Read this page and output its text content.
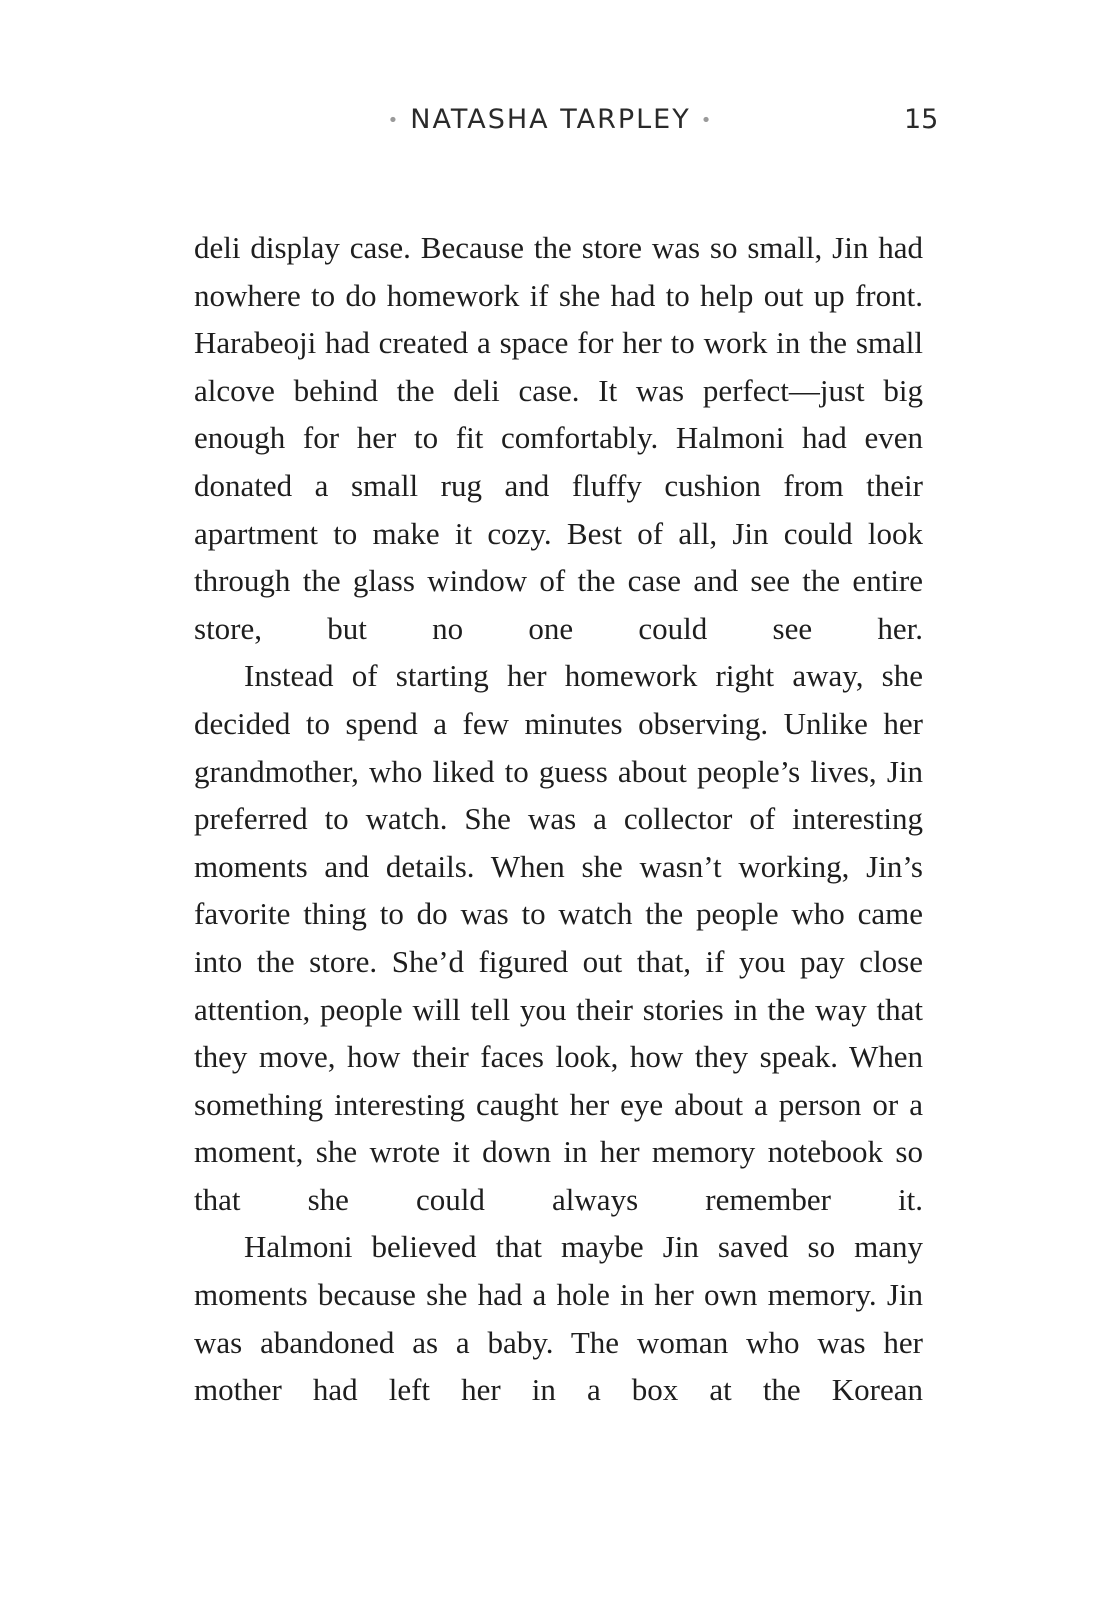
• NATASHA TARPLEY •	15

deli display case. Because the store was so small, Jin had nowhere to do homework if she had to help out up front. Harabeoji had created a space for her to work in the small alcove behind the deli case. It was perfect—just big enough for her to fit comfortably. Halmoni had even donated a small rug and fluffy cushion from their apartment to make it cozy. Best of all, Jin could look through the glass window of the case and see the entire store, but no one could see her.

Instead of starting her homework right away, she decided to spend a few minutes observing. Unlike her grandmother, who liked to guess about people’s lives, Jin preferred to watch. She was a collector of interesting moments and details. When she wasn’t working, Jin’s favorite thing to do was to watch the people who came into the store. She’d figured out that, if you pay close attention, people will tell you their stories in the way that they move, how their faces look, how they speak. When something interesting caught her eye about a person or a moment, she wrote it down in her memory notebook so that she could always remember it.

Halmoni believed that maybe Jin saved so many moments because she had a hole in her own memory. Jin was abandoned as a baby. The woman who was her mother had left her in a box at the Korean
